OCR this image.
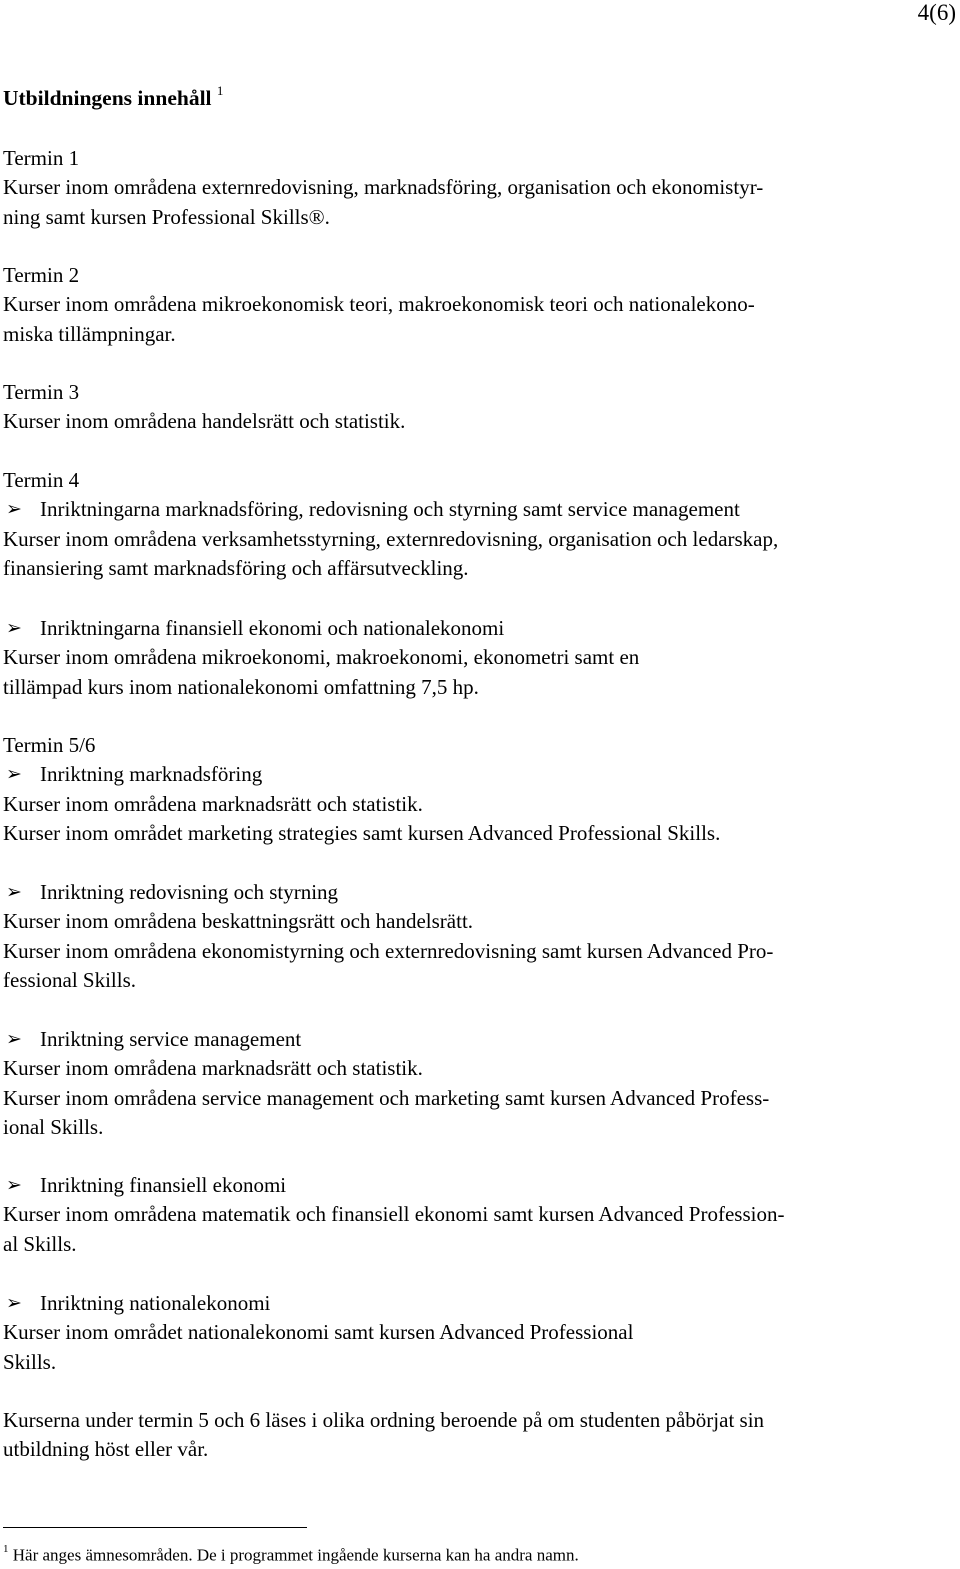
4(6)
Utbildningens innehåll $^1$

Termin 1

Kurser inom områdena externredovisning, marknadsföring, organisation och ekonomistyr-

ning samt kursen Professional Skills®.

Termin 2

Kurser inom områdena mikroekonomisk teori, makroekonomisk teori och nationalekono-

miska tillämpningar.

Termin 3

Kurser inom områdena handelsrätt och statistik.

Termin 4

➢ Inriktningarna marknadsföring, redovisning och styrning samt service management

Kurser inom områdena verksamhetsstyrning, externredovisning, organisation och ledarskap,

finansiering samt marknadsföring och affärsutveckling.

➢ Inriktningarna finansiell ekonomi och nationalekonomi

Kurser inom områdena mikroekonomi, makroekonomi, ekonometri samt en

tillämpad kurs inom nationalekonomi omfattning 7,5 hp.

Termin 5/6

➢ Inriktning marknadsföring

Kurser inom områdena marknadsrätt och statistik.

Kurser inom området marketing strategies samt kursen Advanced Professional Skills.

➢ Inriktning redovisning och styrning

Kurser inom områdena beskattningsrätt och handelsrätt.

Kurser inom områdena ekonomistyrning och externredovisning samt kursen Advanced Pro-

fessional Skills.

➢ Inriktning service management

Kurser inom områdena marknadsrätt och statistik.

Kurser inom områdena service management och marketing samt kursen Advanced Profess-

ional Skills.

➢ Inriktning finansiell ekonomi

Kurser inom områdena matematik och finansiell ekonomi samt kursen Advanced Profession-

al Skills.

➢ Inriktning nationalekonomi

Kurser inom området nationalekonomi samt kursen Advanced Professional

Skills.

Kurserna under termin 5 och 6 läses i olika ordning beroende på om studenten påbörjat sin

utbildning höst eller vår.

$^1$ Här anges ämnesområden. De i programmet ingående kurserna kan ha andra namn.
